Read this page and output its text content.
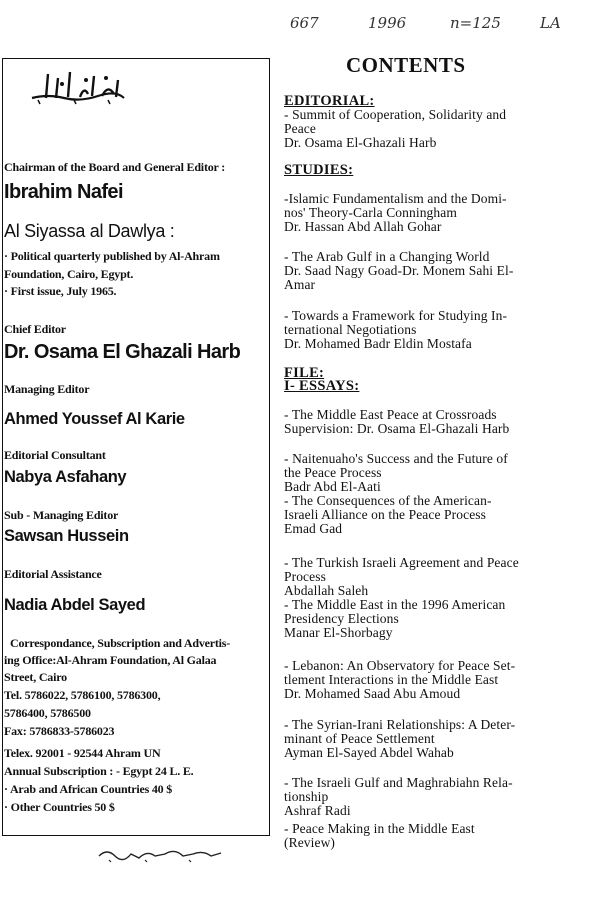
667	1996	n=125	LA
Chairman of the Board and General Editor :
Ibrahim Nafei
Al Siyassa al Dawlya :
· Political quarterly published by Al-Ahram
Foundation, Cairo, Egypt.
· First issue, July 1965.
Chief Editor
Dr. Osama El Ghazali Harb
Managing Editor
Ahmed Youssef Al Karie
Editorial Consultant
Nabya Asfahany
Sub - Managing Editor
Sawsan Hussein
Editorial Assistance
Nadia Abdel Sayed
Correspondance, Subscription and Advertis-
ing Office:Al-Ahram Foundation, Al Galaa
Street, Cairo
Tel. 5786022, 5786100, 5786300,
5786400, 5786500
Fax: 5786833-5786023
Telex. 92001 - 92544 Ahram UN
Annual Subscription : - Egypt 24 L. E.
· Arab and African Countries 40 $
· Other Countries 50 $
CONTENTS
EDITORIAL:
- Summit of Cooperation, Solidarity and
Peace
Dr. Osama El-Ghazali Harb
STUDIES:
-Islamic Fundamentalism and the Domi-
nos' Theory-Carla Conningham
Dr. Hassan Abd Allah Gohar
- The Arab Gulf in a Changing World
Dr. Saad Nagy Goad-Dr. Monem Sahi El-
Amar
- Towards a Framework for Studying In-
ternational Negotiations
Dr. Mohamed Badr Eldin Mostafa
FILE:
I- ESSAYS:
- The Middle East Peace at Crossroads
Supervision: Dr. Osama El-Ghazali Harb
- Naitenuaho's Success and the Future of
the Peace Process
Badr Abd El-Aati
- The Consequences of the American-
Israeli Alliance on the Peace Process
Emad Gad
- The Turkish Israeli Agreement and Peace
Process
Abdallah Saleh
- The Middle East in the 1996 American
Presidency Elections
Manar El-Shorbagy
- Lebanon: An Observatory for Peace Set-
tlement Interactions in the Middle East
Dr. Mohamed Saad Abu Amoud
- The Syrian-Irani Relationships: A Deter-
minant of Peace Settlement
Ayman El-Sayed Abdel Wahab
- The Israeli Gulf and Maghrabiahn Rela-
tionship
Ashraf Radi
- Peace Making in the Middle East
(Review)
